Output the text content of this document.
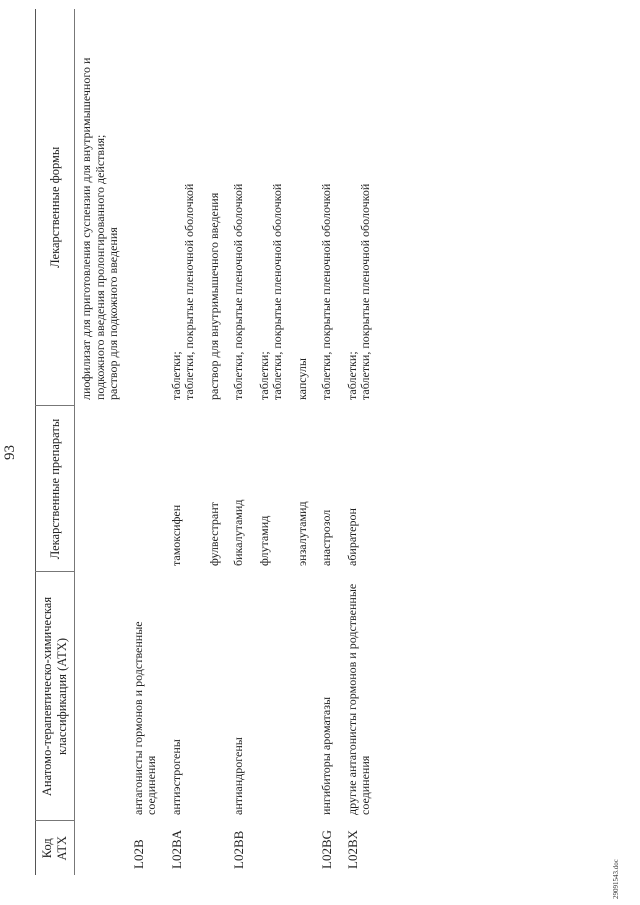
93
29091543.doc
Код АТХ	Анатомо-терапевтическо-химическая классификация (АТХ)	Лекарственные препараты	Лекарственные формы

			лиофилизат для приготовления суспензии для внутримышечного и подкожного введения пролонгированного действия; раствор для подкожного введения

L02B	антагонисты гормонов и родственные соединения		
L02BA	антиэстрогены	тамоксифен	таблетки; таблетки, покрытые пленочной оболочкой

		фулвестрант	раствор для внутримышечного введения

L02BB	антиандрогены	бикалутамид	таблетки, покрытые пленочной оболочкой

		флутамид	таблетки; таблетки, покрытые пленочной оболочкой

		энзалутамид	капсулы

L02BG	ингибиторы ароматазы	анастрозол	таблетки, покрытые пленочной оболочкой

L02BX	другие антагонисты гормонов и родственные соединения	абиратерон	таблетки; таблетки, покрытые пленочной оболочкой
